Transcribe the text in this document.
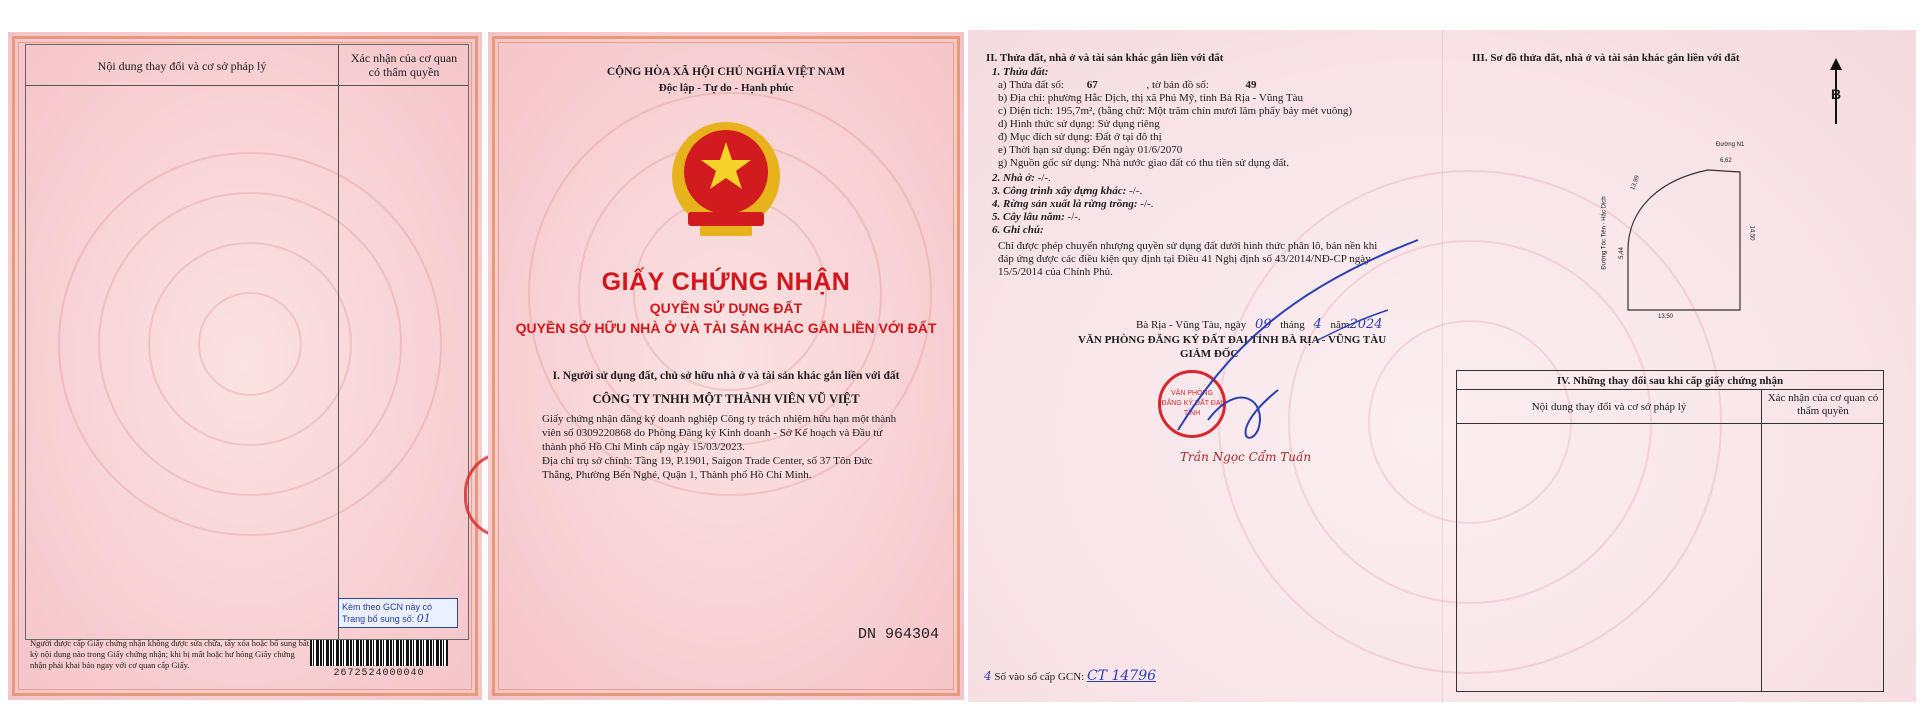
Nội dung thay đổi và cơ sở pháp lý
Xác nhận của cơ quan có thẩm quyền
Kèm theo GCN này có
Trang bổ sung số: 01
Người được cấp Giấy chứng nhận không được sửa chữa, tẩy xóa hoặc bổ sung bất kỳ nội dung nào trong Giấy chứng nhận; khi bị mất hoặc hư hỏng Giấy chứng nhận phải khai báo ngay với cơ quan cấp Giấy.
2672524000040
CỘNG HÒA XÃ HỘI CHỦ NGHĨA VIỆT NAM
Độc lập - Tự do - Hạnh phúc
GIẤY CHỨNG NHẬN
QUYỀN SỬ DỤNG ĐẤT
QUYỀN SỞ HỮU NHÀ Ở VÀ TÀI SẢN KHÁC GẮN LIỀN VỚI ĐẤT
I. Người sử dụng đất, chủ sở hữu nhà ở và tài sản khác gắn liền với đất
CÔNG TY TNHH MỘT THÀNH VIÊN VŨ VIỆT
Giấy chứng nhận đăng ký doanh nghiệp Công ty trách nhiệm hữu hạn một thành
viên số 0309220868 do Phòng Đăng ký Kinh doanh - Sở Kế hoạch và Đầu tư
thành phố Hồ Chí Minh cấp ngày 15/03/2023.
Địa chỉ trụ sở chính: Tầng 19, P.1901, Saigon Trade Center, số 37 Tôn Đức
Thắng, Phường Bến Nghé, Quận 1, Thành phố Hồ Chí Minh.
DN 964304
II. Thửa đất, nhà ở và tài sản khác gắn liền với đất
1. Thửa đất:
a) Thửa đất số: 67	, tờ bản đồ số:	49
b) Địa chỉ: phường Hắc Dịch, thị xã Phú Mỹ, tỉnh Bà Rịa - Vũng Tàu
c) Diện tích: 195,7m², (bằng chữ: Một trăm chín mươi lăm phẩy bảy mét vuông)
d) Hình thức sử dụng: Sử dụng riêng
đ) Mục đích sử dụng: Đất ở tại đô thị
e) Thời hạn sử dụng: Đến ngày 01/6/2070
g) Nguồn gốc sử dụng: Nhà nước giao đất có thu tiền sử dụng đất.
2. Nhà ở: -/-.
3. Công trình xây dựng khác: -/-.
4. Rừng sản xuất là rừng trồng: -/-.
5. Cây lâu năm: -/-.
6. Ghi chú:
Chỉ được phép chuyển nhượng quyền sử dụng đất dưới hình thức phân lô, bán nền khi
đáp ứng được các điều kiện quy định tại Điều 41 Nghị định số 43/2014/NĐ-CP ngày
15/5/2014 của Chính Phủ.
Bà Rịa - Vũng Tàu, ngày 09 tháng 4 năm2024
VĂN PHÒNG ĐĂNG KÝ ĐẤT ĐAI TỈNH BÀ RỊA - VŨNG TÀU
GIÁM ĐỐC
VĂN PHÒNG
ĐĂNG KÝ ĐẤT ĐAI
TỈNH
Trần Ngọc Cẩm Tuấn
4 Số vào sổ cấp GCN: CT 14796
III. Sơ đồ thửa đất, nhà ở và tài sản khác gắn liền với đất
B
Đường N1
6,62
14,50
13,50
5,44
13,99
Đường Tóc Tiên - Hắc Dịch
IV. Những thay đổi sau khi cấp giấy chứng nhận
Nội dung thay đổi và cơ sở pháp lý
Xác nhận của cơ quan có thẩm quyền
